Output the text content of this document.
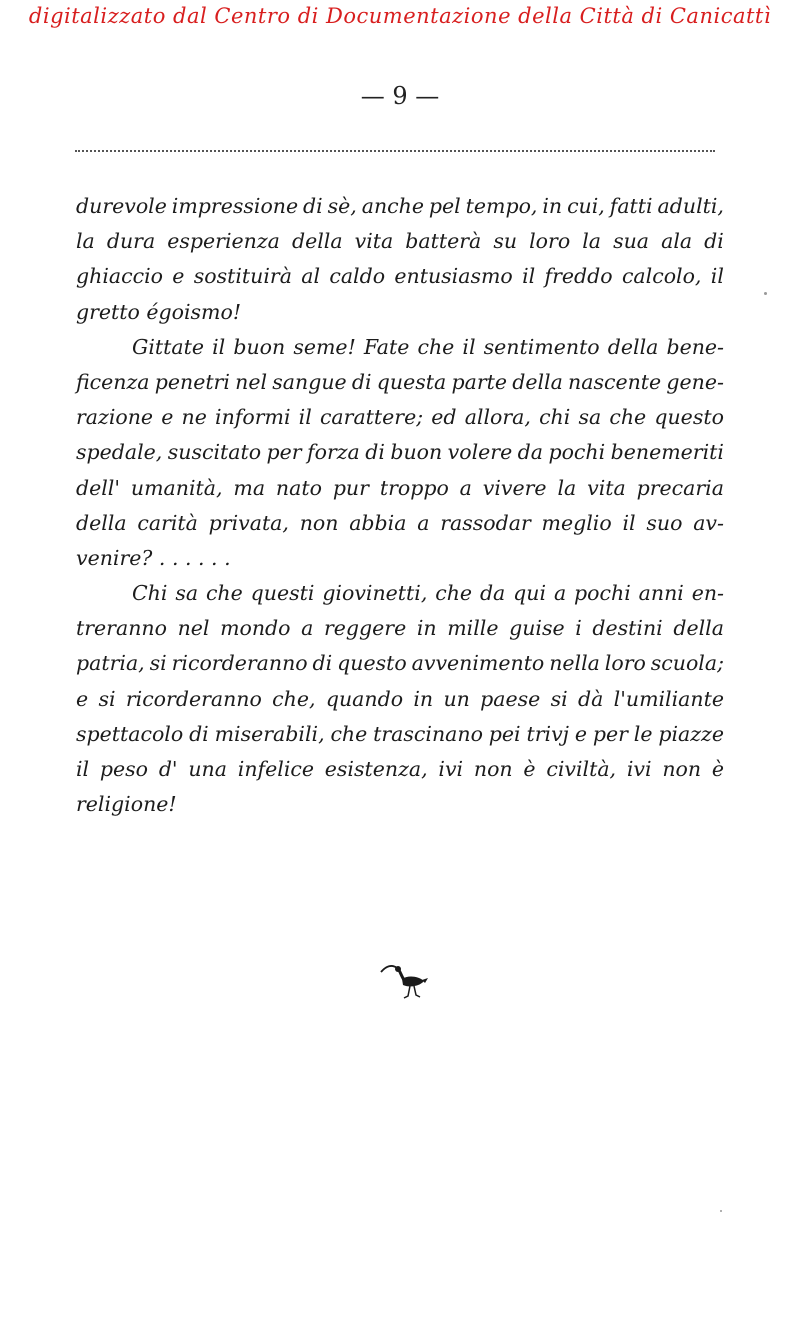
digitalizzato dal Centro di Documentazione della Città di Canicattì
— 9 —
durevole impressione di sè, anche pel tempo, in cui, fatti adulti,
la dura esperienza della vita batterà su loro la sua ala di
ghiaccio e sostituirà al caldo entusiasmo il freddo calcolo, il
gretto égoismo!
Gittate il buon seme! Fate che il sentimento della bene-
ficenza penetri nel sangue di questa parte della nascente gene-
razione e ne informi il carattere; ed allora, chi sa che questo
spedale, suscitato per forza di buon volere da pochi benemeriti
dell' umanità, ma nato pur troppo a vivere la vita precaria
della carità privata, non abbia a rassodar meglio il suo av-
venire? . . . . . .
Chi sa che questi giovinetti, che da qui a pochi anni en-
treranno nel mondo a reggere in mille guise i destini della
patria, si ricorderanno di questo avvenimento nella loro scuola;
e si ricorderanno che, quando in un paese si dà l'umiliante
spettacolo di miserabili, che trascinano pei trivj e per le piazze
il peso d' una infelice esistenza, ivi non è civiltà, ivi non è
religione!
